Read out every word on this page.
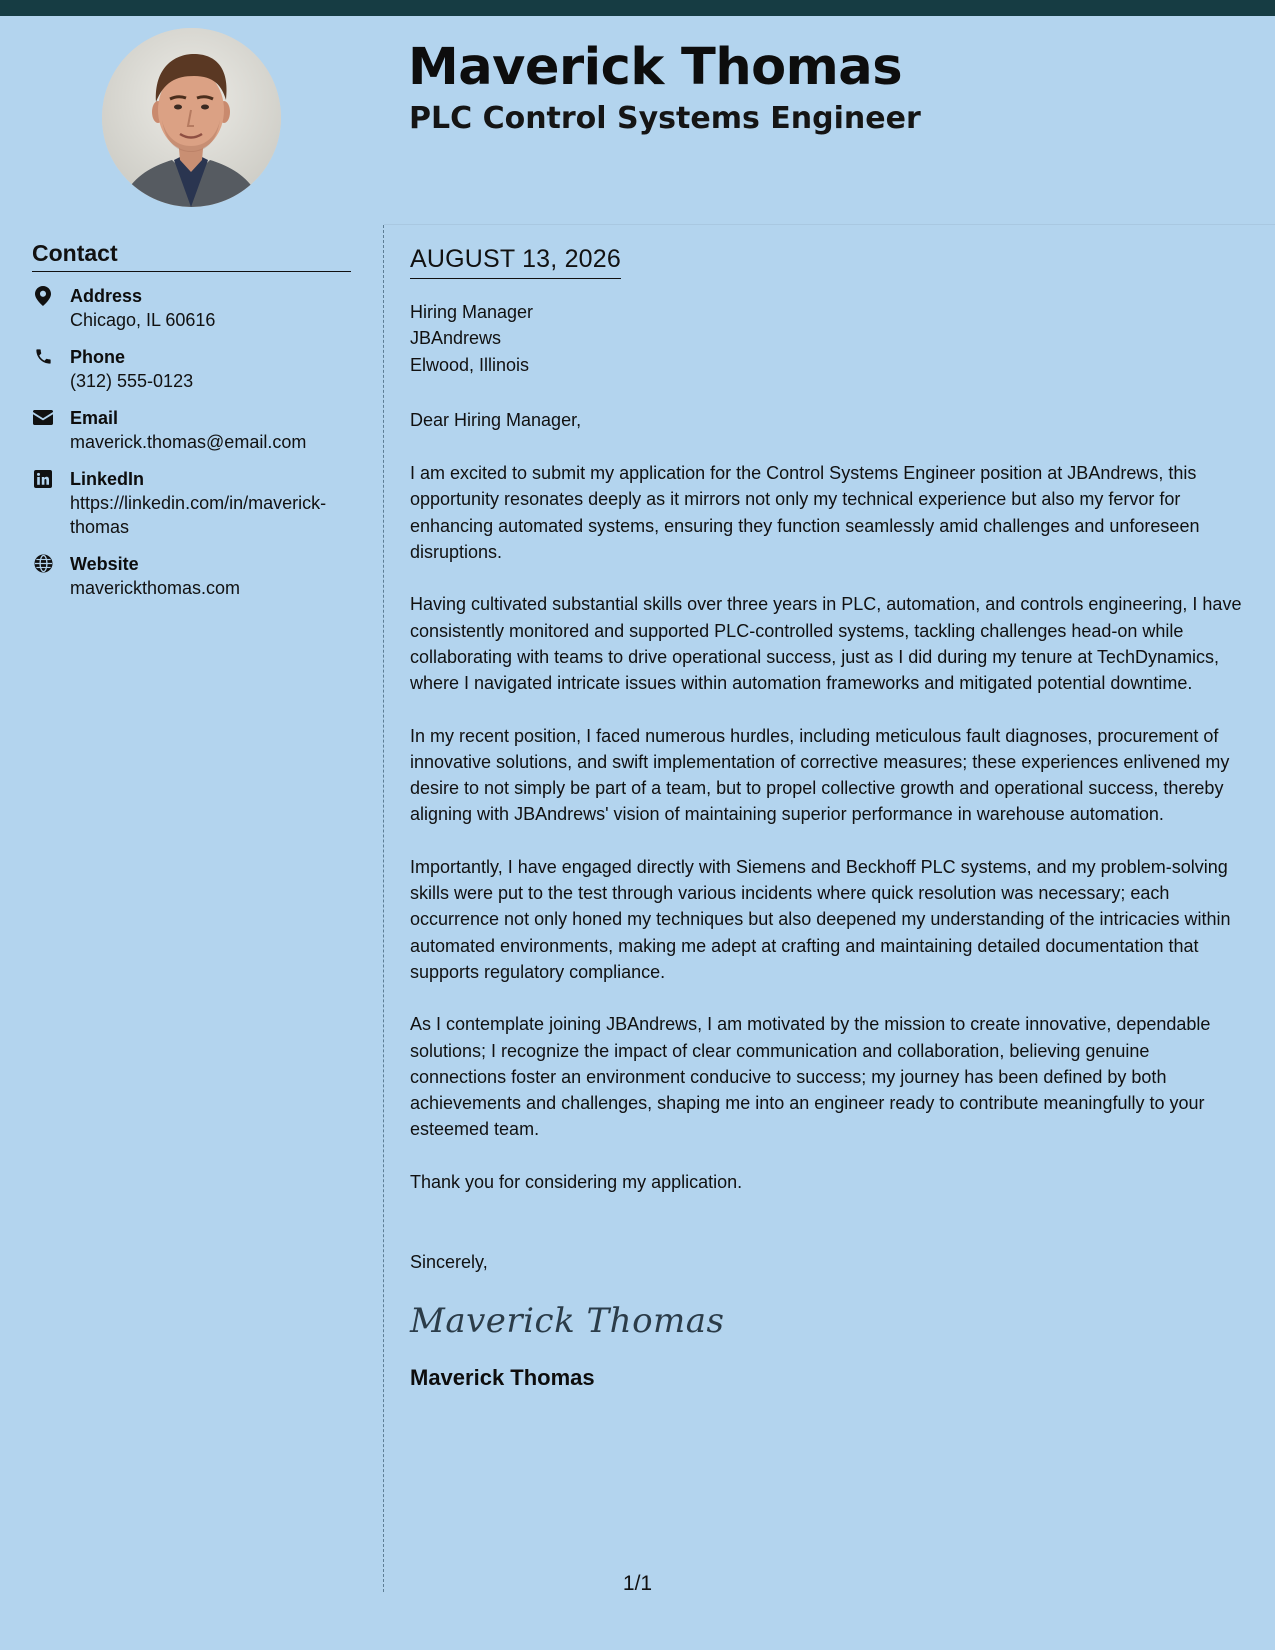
Maverick Thomas
PLC Control Systems Engineer
Contact
Address
Chicago, IL 60616
Phone
(312) 555-0123
Email
maverick.thomas@email.com
LinkedIn
https://linkedin.com/in/maverick-thomas
Website
maverickthomas.com
AUGUST 13, 2026
Hiring Manager
JBAndrews
Elwood, Illinois
Dear Hiring Manager,

I am excited to submit my application for the Control Systems Engineer position at JBAndrews, this opportunity resonates deeply as it mirrors not only my technical experience but also my fervor for enhancing automated systems, ensuring they function seamlessly amid challenges and unforeseen disruptions.

Having cultivated substantial skills over three years in PLC, automation, and controls engineering, I have consistently monitored and supported PLC-controlled systems, tackling challenges head-on while collaborating with teams to drive operational success, just as I did during my tenure at TechDynamics, where I navigated intricate issues within automation frameworks and mitigated potential downtime.

In my recent position, I faced numerous hurdles, including meticulous fault diagnoses, procurement of innovative solutions, and swift implementation of corrective measures; these experiences enlivened my desire to not simply be part of a team, but to propel collective growth and operational success, thereby aligning with JBAndrews' vision of maintaining superior performance in warehouse automation.

Importantly, I have engaged directly with Siemens and Beckhoff PLC systems, and my problem-solving skills were put to the test through various incidents where quick resolution was necessary; each occurrence not only honed my techniques but also deepened my understanding of the intricacies within automated environments, making me adept at crafting and maintaining detailed documentation that supports regulatory compliance.

As I contemplate joining JBAndrews, I am motivated by the mission to create innovative, dependable solutions; I recognize the impact of clear communication and collaboration, believing genuine connections foster an environment conducive to success; my journey has been defined by both achievements and challenges, shaping me into an engineer ready to contribute meaningfully to your esteemed team.

Thank you for considering my application.

Sincerely,
Maverick Thomas
Maverick Thomas
1/1
